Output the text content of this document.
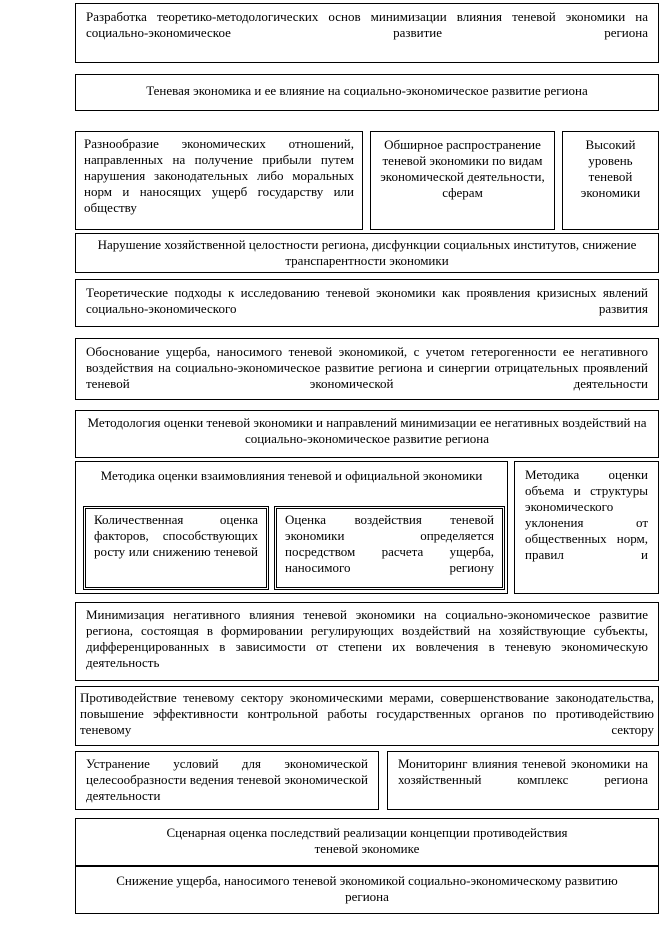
Разработка теоретико-методологических основ минимизации влияния теневой экономики на социально-экономическое развитие региона
Теневая экономика и ее влияние на социально-экономическое развитие региона
Разнообразие экономических отношений, направленных на получение прибыли путем нарушения законодательных либо моральных норм и наносящих ущерб государству или обществу
Обширное распространение теневой экономики по видам экономической деятельности, сферам
Высокий уровень теневой экономики
Нарушение хозяйственной целостности региона, дисфункции социальных институтов, снижение транспарентности экономики
Теоретические подходы к исследованию теневой экономики как проявления кризисных явлений социально-экономического развития
Обоснование ущерба, наносимого теневой экономикой, с учетом гетерогенности ее негативного воздействия на социально-экономическое развитие региона и синергии отрицательных проявлений теневой экономической деятельности
Методология оценки теневой экономики и направлений минимизации ее негативных воздействий на социально-экономическое развитие региона
Методика оценки взаимовлияния теневой и официальной экономики
Количественная оценка факторов, способствующих росту или снижению теневой
Оценка воздействия теневой экономики определяется посредством расчета ущерба, наносимого региону
Методика оценки объема и структуры экономического уклонения от общественных норм, правил и
Минимизация негативного влияния теневой экономики на социально-экономическое развитие региона, состоящая в формировании регулирующих воздействий на хозяйствующие субъекты, дифференцированных в зависимости от степени их вовлечения в теневую экономическую деятельность
Противодействие теневому сектору экономическими мерами, совершенствование законодательства, повышение эффективности контрольной работы государственных органов по противодействию теневому сектору
Устранение условий для экономической целесообразности ведения теневой экономической деятельности
Мониторинг влияния теневой экономики на хозяйственный комплекс региона
Сценарная оценка последствий реализации концепции противодействия теневой экономике
Снижение ущерба, наносимого теневой экономикой социально-экономическому развитию региона
